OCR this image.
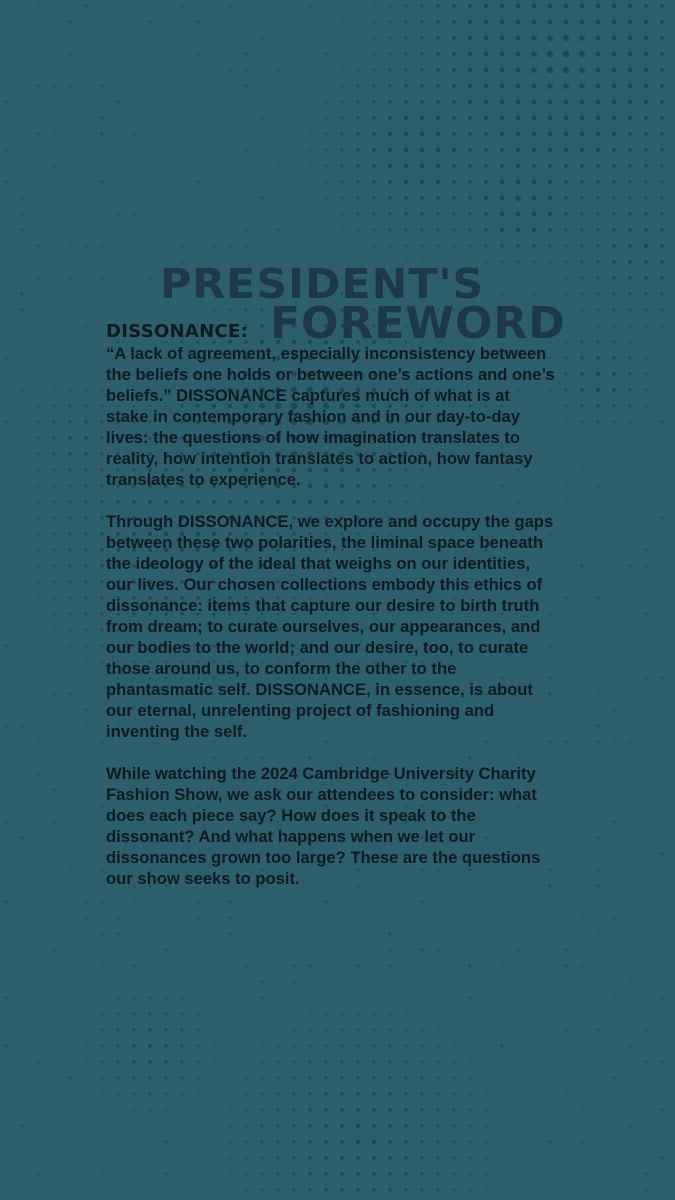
PRESIDENT'S
FOREWORD
DISSONANCE:

“A lack of agreement, especially inconsistency between the beliefs one holds or between one’s actions and one’s beliefs.” DISSONANCE captures much of what is at stake in contemporary fashion and in our day-to-day lives: the questions of how imagination translates to reality, how intention translates to action, how fantasy translates to experience.

Through DISSONANCE, we explore and occupy the gaps between these two polarities, the liminal space beneath the ideology of the ideal that weighs on our identities, our lives. Our chosen collections embody this ethics of dissonance: items that capture our desire to birth truth from dream; to curate ourselves, our appearances, and our bodies to the world; and our desire, too, to curate those around us, to conform the other to the phantasmatic self. DISSONANCE, in essence, is about our eternal, unrelenting project of fashioning and inventing the self.

While watching the 2024 Cambridge University Charity Fashion Show, we ask our attendees to consider: what does each piece say? How does it speak to the dissonant? And what happens when we let our dissonances grown too large? These are the questions our show seeks to posit.
